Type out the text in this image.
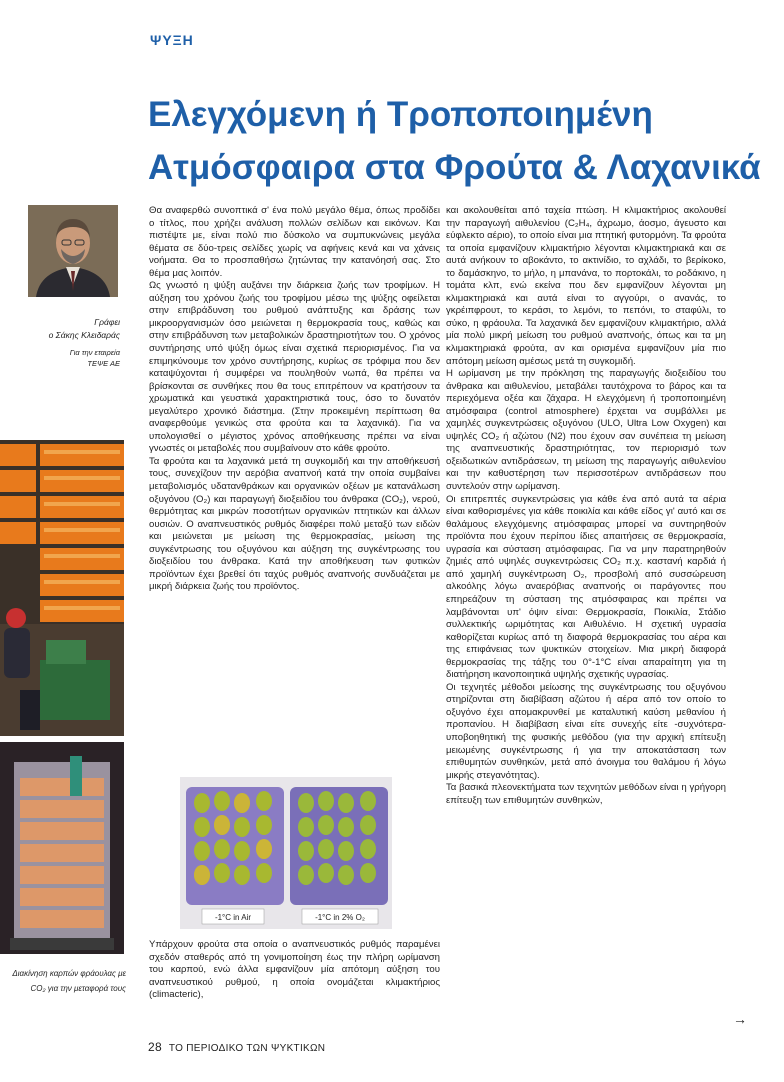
ΨΥΞΗ
Ελεγχόμενη ή Τροποποιημένη
Ατμόσφαιρα στα Φρούτα & Λαχανικά
Γράφει
ο Σάκης Κλειδαράς
Για την εταιρεία
ΤΕΨΕ ΑΕ
Διακίνηση καρπών φράουλας με CO₂ για την μεταφορά τους

Θα αναφερθώ συνοπτικά σ' ένα πολύ μεγάλο θέμα, όπως προδίδει ο τίτλος, που χρήζει ανάλυση πολλών σελίδων και εικόνων. Και πιστέψτε με, είναι πολύ πιο δύσκολο να συμπυκνώνεις μεγάλα θέματα σε δύο-τρεις σελίδες χωρίς να αφήνεις κενά και να χάνεις νοήματα. Θα το προσπαθήσω ζητώντας την κατανόησή σας. Στο θέμα μας λοιπόν.

Ως γνωστό η ψύξη αυξάνει την διάρκεια ζωής των τροφίμων. Η αύξηση του χρόνου ζωής του τροφίμου μέσω της ψύξης οφείλεται στην επιβράδυνση του ρυθμού ανάπτυξης και δράσης των μικροοργανισμών όσο μειώνεται η θερμοκρασία τους, καθώς και στην επιβράδυνση των μεταβολικών δραστηριοτήτων του. Ο χρόνος συντήρησης υπό ψύξη όμως είναι σχετικά περιορισμένος. Για να επιμηκύνουμε τον χρόνο συντήρησης, κυρίως σε τρόφιμα που δεν καταψύχονται ή συμφέρει να πουληθούν νωπά, θα πρέπει να βρίσκονται σε συνθήκες που θα τους επιτρέπουν να κρατήσουν τα χρωματικά και γευστικά χαρακτηριστικά τους, όσο το δυνατόν μεγαλύτερο χρονικό διάστημα. (Στην προκειμένη περίπτωση θα αναφερθούμε γενικώς στα φρούτα και τα λαχανικά). Για να υπολογισθεί ο μέγιστος χρόνος αποθήκευσης πρέπει να είναι γνωστές οι μεταβολές που συμβαίνουν στο κάθε φρούτο.

Τα φρούτα και τα λαχανικά μετά τη συγκομιδή και την αποθήκευσή τους, συνεχίζουν την αερόβια αναπνοή κατά την οποία συμβαίνει μεταβολισμός υδατανθράκων και οργανικών οξέων με κατανάλωση οξυγόνου (O₂) και παραγωγή διοξειδίου του άνθρακα (CO₂), νερού, θερμότητας και μικρών ποσοτήτων οργανικών πτητικών και άλλων ουσιών. Ο αναπνευστικός ρυθμός διαφέρει πολύ μεταξύ των ειδών και μειώνεται με μείωση της θερμοκρασίας, μείωση της συγκέντρωσης του οξυγόνου και αύξηση της συγκέντρωσης του διοξειδίου του άνθρακα. Κατά την αποθήκευση των φυτικών προϊόντων έχει βρεθεί ότι ταχύς ρυθμός αναπνοής συνδυάζεται με μικρή διάρκεια ζωής του προϊόντος.

-1°C in Air	-1°C in 2% O₂

Υπάρχουν φρούτα στα οποία ο αναπνευστικός ρυθμός παραμένει σχεδόν σταθερός από τη γονιμοποίηση έως την πλήρη ωρίμανση του καρπού, ενώ άλλα εμφανίζουν μία απότομη αύξηση του αναπνευστικού ρυθμού, η οποία ονομάζεται κλιμακτήριος (climacteric),

και ακολουθείται από ταχεία πτώση. Η κλιμακτήριος ακολουθεί την παραγωγή αιθυλενίου (C₂H₄, άχρωμο, άοσμο, άγευστο και εύφλεκτο αέριο), το οποίο είναι μια πτητική φυτορμόνη. Τα φρούτα τα οποία εμφανίζουν κλιμακτήριο λέγονται κλιμακτηριακά και σε αυτά ανήκουν το αβοκάντο, το ακτινίδιο, το αχλάδι, το βερίκοκο, το δαμάσκηνο, το μήλο, η μπανάνα, το πορτοκάλι, το ροδάκινο, η τομάτα κλπ, ενώ εκείνα που δεν εμφανίζουν λέγονται μη κλιμακτηριακά και αυτά είναι το αγγούρι, ο ανανάς, το γκρέιπφρουτ, το κεράσι, το λεμόνι, το πεπόνι, το σταφύλι, το σύκο, η φράουλα. Τα λαχανικά δεν εμφανίζουν κλιμακτήριο, αλλά μία πολύ μικρή μείωση του ρυθμού αναπνοής, όπως και τα μη κλιμακτηριακά φρούτα, αν και ορισμένα εμφανίζουν μία πιο απότομη μείωση αμέσως μετά τη συγκομιδή.

Η ωρίμανση με την πρόκληση της παραγωγής διοξειδίου του άνθρακα και αιθυλενίου, μεταβάλει ταυτόχρονα το βάρος και τα περιεχόμενα οξέα και ζάχαρα. Η ελεγχόμενη ή τροποποιημένη ατμόσφαιρα (control atmosphere) έρχεται να συμβάλλει με χαμηλές συγκεντρώσεις οξυγόνου (ULO, Ultra Low Oxygen) και υψηλές CO₂ ή αζώτου (N2) που έχουν σαν συνέπεια τη μείωση της αναπνευστικής δραστηριότητας, τον περιορισμό των οξειδωτικών αντιδράσεων, τη μείωση της παραγωγής αιθυλενίου και την καθυστέρηση των περισσοτέρων αντιδράσεων που συντελούν στην ωρίμανση.

Οι επιτρεπτές συγκεντρώσεις για κάθε ένα από αυτά τα αέρια είναι καθορισμένες για κάθε ποικιλία και κάθε είδος γι' αυτό και σε θαλάμους ελεγχόμενης ατμόσφαιρας μπορεί να συντηρηθούν προϊόντα που έχουν περίπου ίδιες απαιτήσεις σε θερμοκρασία, υγρασία και σύσταση ατμόσφαιρας. Για να μην παρατηρηθούν ζημιές από υψηλές συγκεντρώσεις CO₂ π.χ. καστανή καρδιά ή από χαμηλή συγκέντρωση O₂, προσβολή από συσσώρευση αλκοόλης λόγω αναερόβιας αναπνοής οι παράγοντες που επηρεάζουν τη σύσταση της ατμόσφαιρας και πρέπει να λαμβάνονται υπ' όψιν είναι: Θερμοκρασία, Ποικιλία, Στάδιο συλλεκτικής ωριμότητας και Αιθυλένιο. Η σχετική υγρασία καθορίζεται κυρίως από τη διαφορά θερμοκρασίας του αέρα και της επιφάνειας των ψυκτικών στοιχείων. Μια μικρή διαφορά θερμοκρασίας της τάξης του 0°-1°C είναι απαραίτητη για τη διατήρηση ικανοποιητικά υψηλής σχετικής υγρασίας.

Οι τεχνητές μέθοδοι μείωσης της συγκέντρωσης του οξυγόνου στηρίζονται στη διαβίβαση αζώτου ή αέρα από τον οποίο το οξυγόνο έχει απομακρυνθεί με καταλυτική καύση μεθανίου ή προπανίου. Η διαβίβαση είναι είτε συνεχής είτε -συχνότερα- υποβοηθητική της φυσικής μεθόδου (για την αρχική επίτευξη μειωμένης συγκέντρωσης ή για την αποκατάσταση των επιθυμητών συνθηκών, μετά από άνοιγμα του θαλάμου ή λόγω μικρής στεγανότητας).

Τα βασικά πλεονεκτήματα των τεχνητών μεθόδων είναι η γρήγορη επίτευξη των επιθυμητών συνθηκών,

→
28 ΤΟ ΠΕΡΙΟΔΙΚΟ ΤΩΝ ΨΥΚΤΙΚΩΝ
